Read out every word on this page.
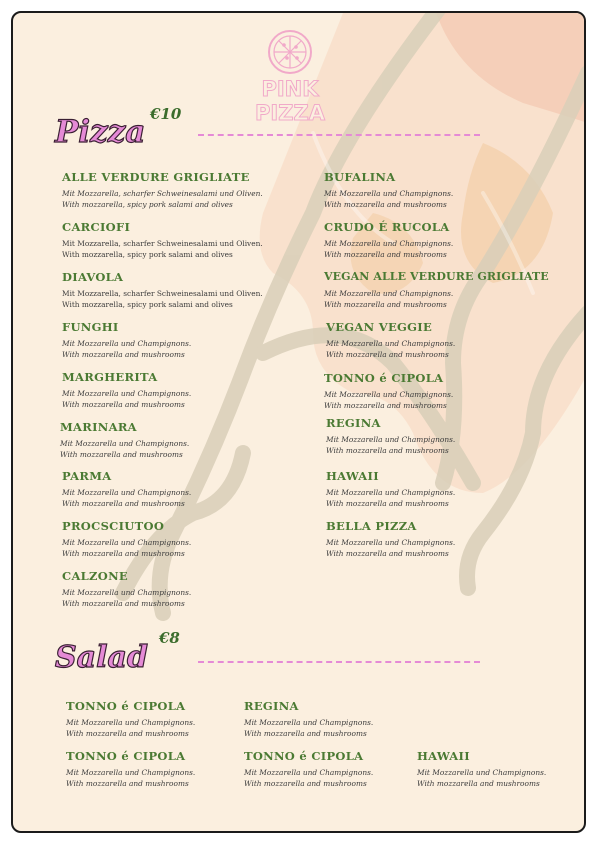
PINK PIZZA
€10
Pizza
ALLE VERDURE GRIGLIATE
Mit Mozzarella, scharfer Schweinesalami und Oliven.
With mozzarella, spicy pork salami and olives
CARCIOFI
Mit Mozzarella, scharfer Schweinesalami und Oliven.
With mozzarella, spicy pork salami and olives
DIAVOLA
Mit Mozzarella, scharfer Schweinesalami und Oliven.
With mozzarella, spicy pork salami and olives
FUNGHI
Mit Mozzarella und Champignons.
With mozzarella and mushrooms
MARGHERITA
Mit Mozzarella und Champignons.
With mozzarella and mushrooms
MARINARA
Mit Mozzarella und Champignons.
With mozzarella and mushrooms
PARMA
Mit Mozzarella und Champignons.
With mozzarella and mushrooms
PROCSCIUTOO
Mit Mozzarella und Champignons.
With mozzarella and mushrooms
CALZONE
Mit Mozzarella und Champignons.
With mozzarella and mushrooms
BUFALINA
Mit Mozzarella und Champignons.
With mozzarella and mushrooms
CRUDO É RUCOLA
Mit Mozzarella und Champignons.
With mozzarella and mushrooms
VEGAN ALLE VERDURE GRIGLIATE
Mit Mozzarella und Champignons.
With mozzarella and mushrooms
VEGAN VEGGIE
Mit Mozzarella und Champignons.
With mozzarella and mushrooms
TONNO é CIPOLA
Mit Mozzarella und Champignons.
With mozzarella and mushrooms
REGINA
Mit Mozzarella und Champignons.
With mozzarella and mushrooms
HAWAII
Mit Mozzarella und Champignons.
With mozzarella and mushrooms
BELLA PIZZA
Mit Mozzarella und Champignons.
With mozzarella and mushrooms
€8
Salad
TONNO é CIPOLA
Mit Mozzarella und Champignons.
With mozzarella and mushrooms
TONNO é CIPOLA
Mit Mozzarella und Champignons.
With mozzarella and mushrooms
REGINA
Mit Mozzarella und Champignons.
With mozzarella and mushrooms
TONNO é CIPOLA
Mit Mozzarella und Champignons.
With mozzarella and mushrooms
HAWAII
Mit Mozzarella und Champignons.
With mozzarella and mushrooms
